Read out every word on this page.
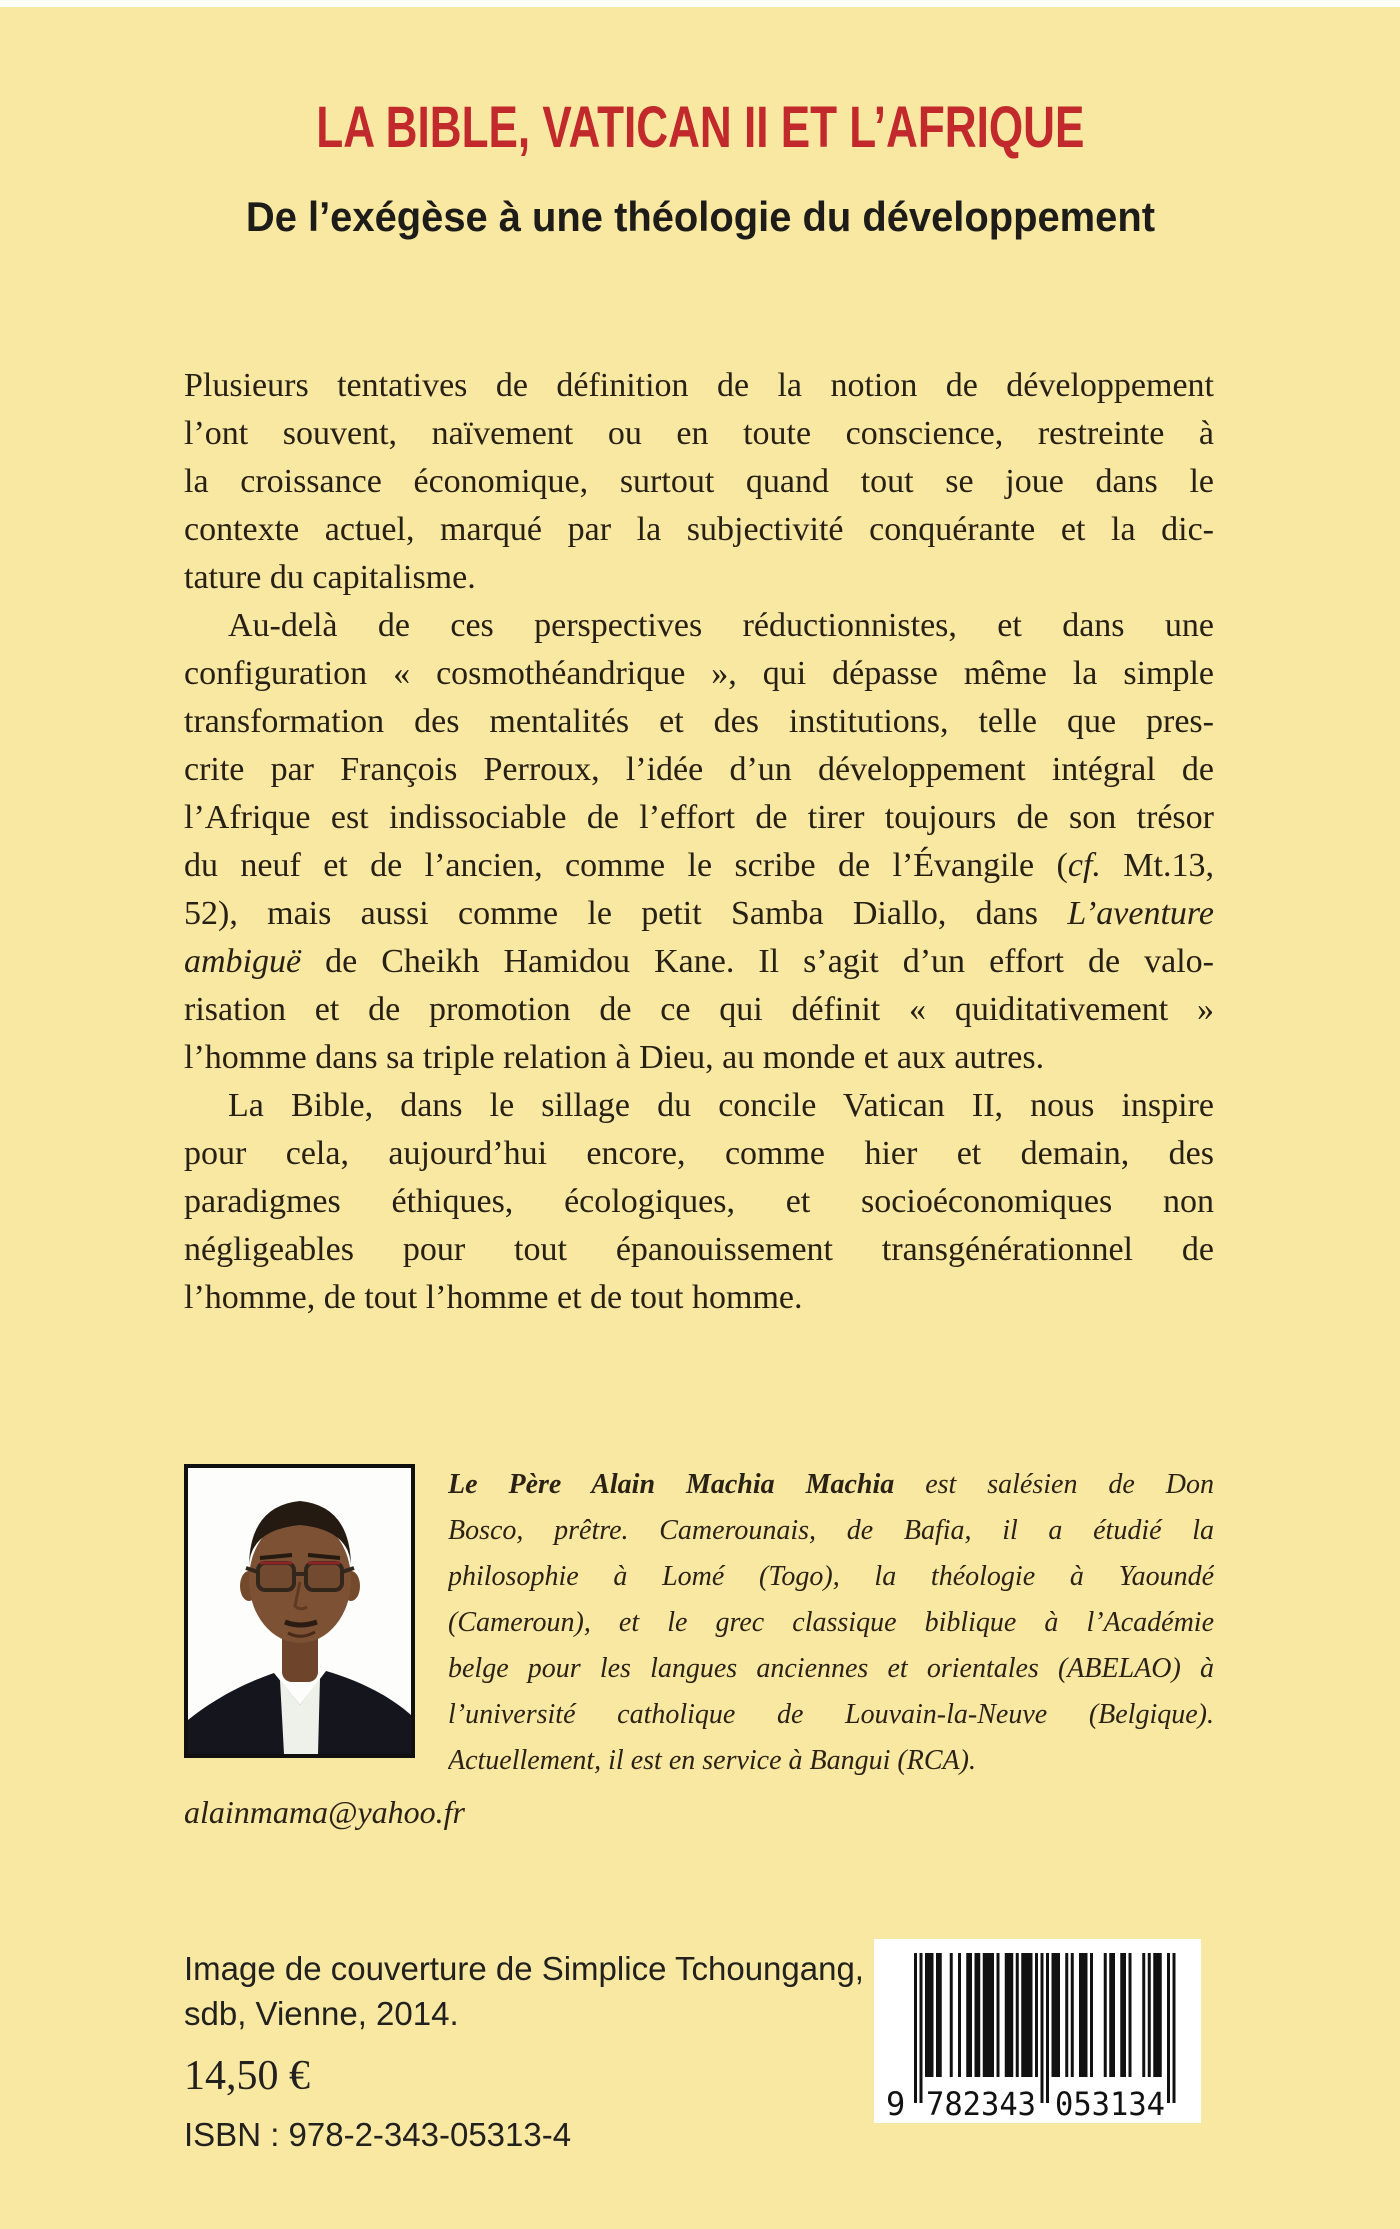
LA BIBLE, VATICAN II ET L’AFRIQUE
De l’exégèse à une théologie du développement
Plusieurs tentatives de définition de la notion de développement
l’ont souvent, naïvement ou en toute conscience, restreinte à
la croissance économique, surtout quand tout se joue dans le
contexte actuel, marqué par la subjectivité conquérante et la dic-
tature du capitalisme.
Au-delà de ces perspectives réductionnistes, et dans une
configuration « cosmothéandrique », qui dépasse même la simple
transformation des mentalités et des institutions, telle que pres-
crite par François Perroux, l’idée d’un développement intégral de
l’Afrique est indissociable de l’effort de tirer toujours de son trésor
du neuf et de l’ancien, comme le scribe de l’Évangile (cf. Mt.13,
52), mais aussi comme le petit Samba Diallo, dans L’aventure
ambiguë de Cheikh Hamidou Kane. Il s’agit d’un effort de valo-
risation et de promotion de ce qui définit « quiditativement »
l’homme dans sa triple relation à Dieu, au monde et aux autres.
La Bible, dans le sillage du concile Vatican II, nous inspire
pour cela, aujourd’hui encore, comme hier et demain, des
paradigmes éthiques, écologiques, et socioéconomiques non
négligeables pour tout épanouissement transgénérationnel de
l’homme, de tout l’homme et de tout homme.
Le Père Alain Machia Machia est salésien de Don
Bosco, prêtre. Camerounais, de Bafia, il a étudié la
philosophie à Lomé (Togo), la théologie à Yaoundé
(Cameroun), et le grec classique biblique à l’Académie
belge pour les langues anciennes et orientales (ABELAO) à
l’université catholique de Louvain-la-Neuve (Belgique).
Actuellement, il est en service à Bangui (RCA).
alainmama@yahoo.fr
Image de couverture de Simplice Tchoungang,
sdb, Vienne, 2014.
14,50 €
ISBN : 978-2-343-05313-4
9 782343 053134
